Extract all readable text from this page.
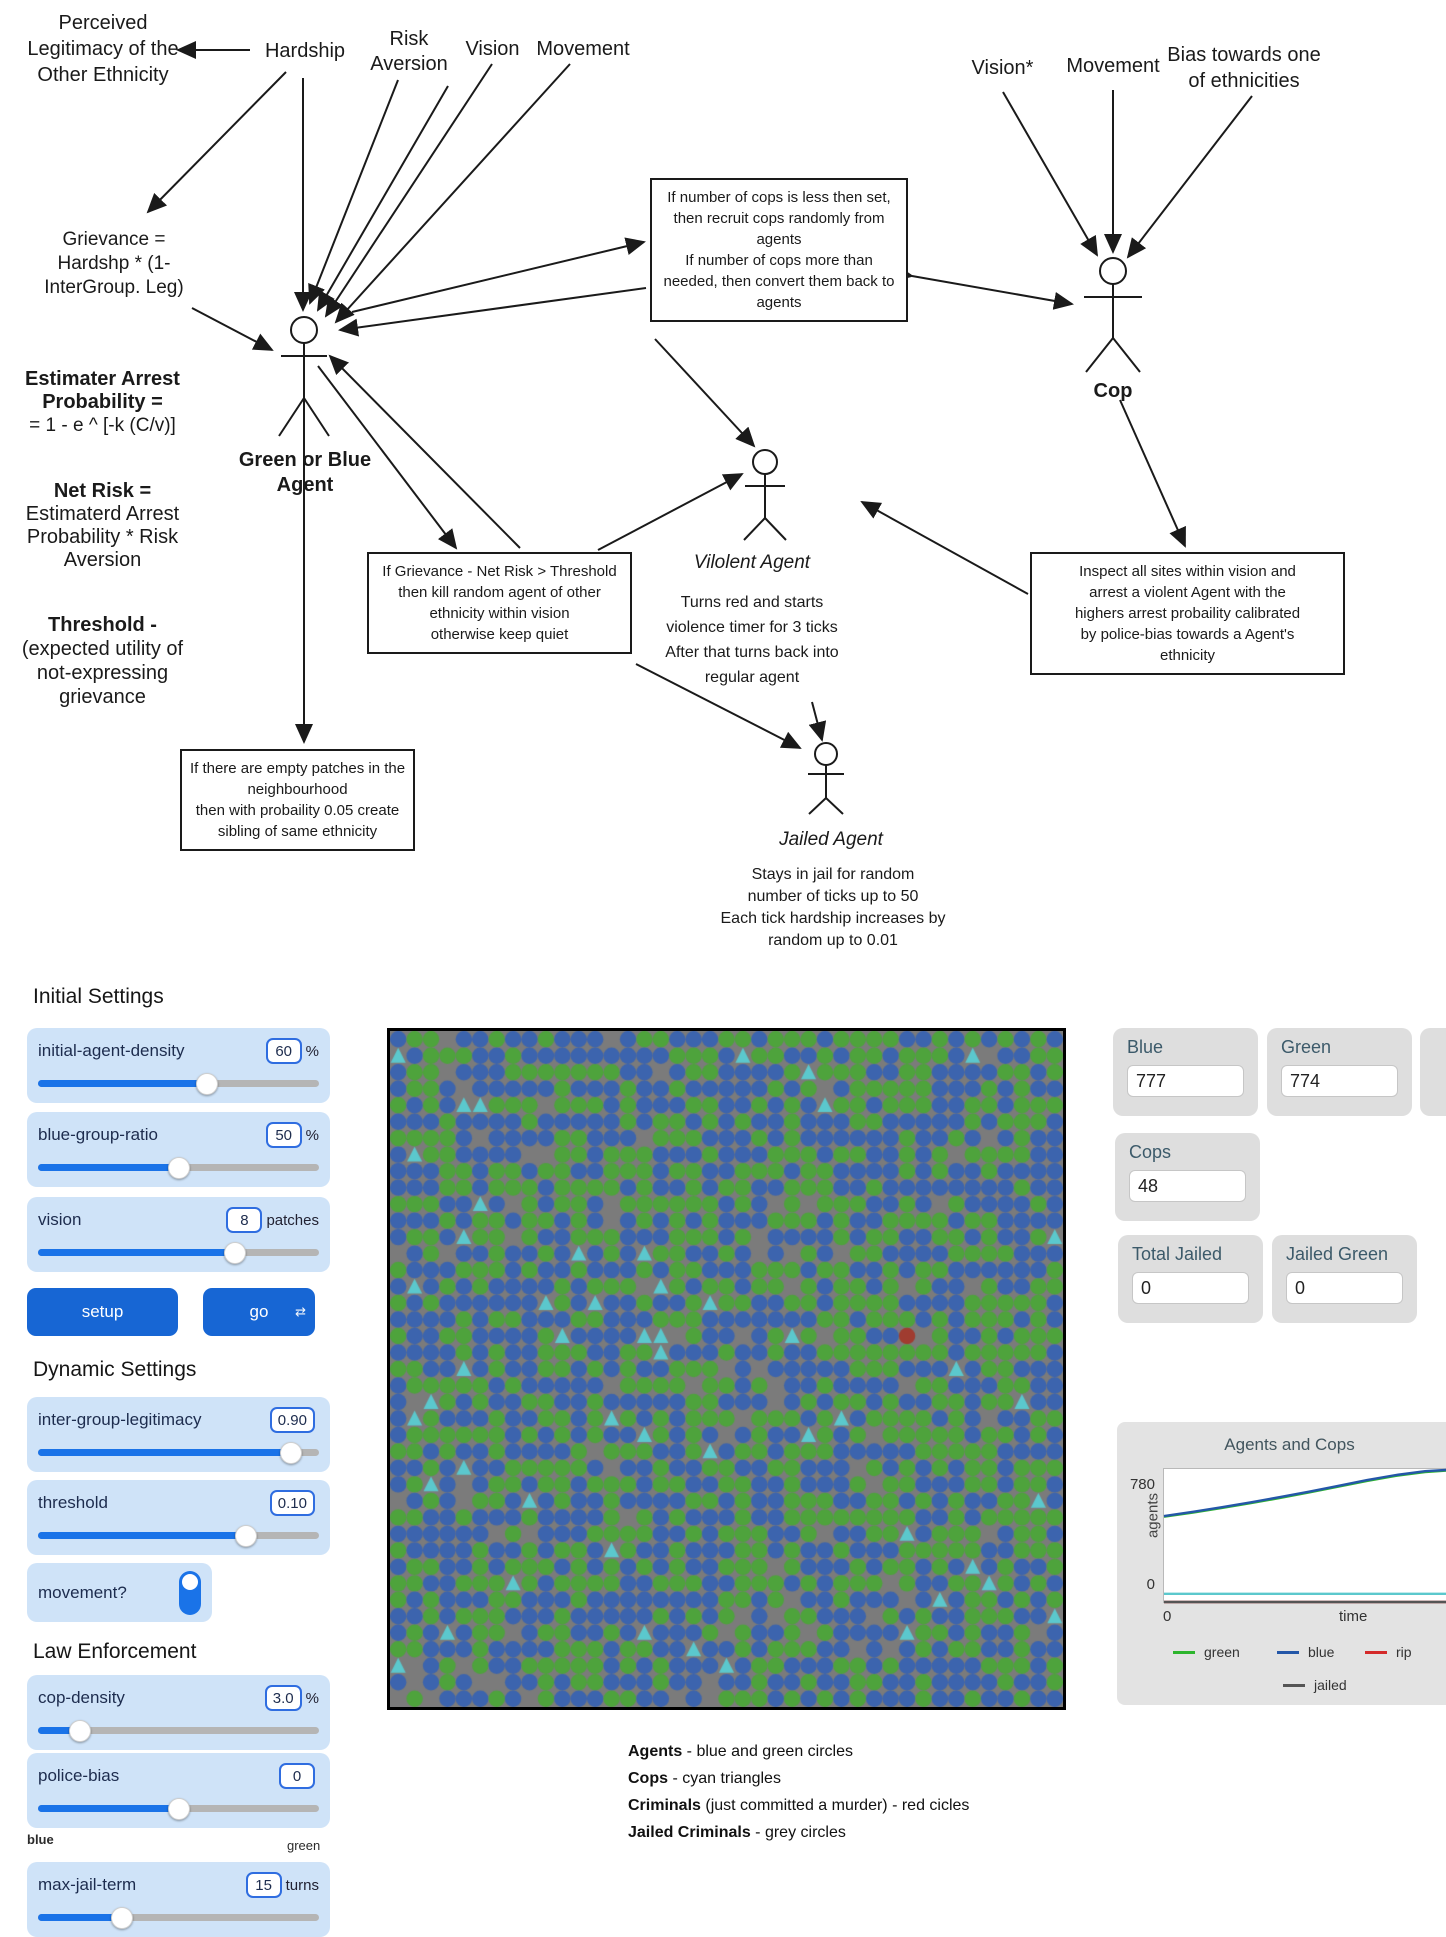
Perceived
Legitimacy of the
Other Ethnicity
Hardship
Risk
Aversion
Vision Movement
Vision*	Movement Bias towards one
of ethnicities
Grievance =
Hardshp * (1-
InterGroup. Leg)
Estimater Arrest
Probability =
= 1 - e ^ [-k (C/v)]
Net Risk =
Estimaterd Arrest
Probability * Risk
Aversion
Threshold -
(expected utility of
not-expressing
grievance
Green or Blue
Agent
Cop
Vilolent Agent
Turns red and starts
violence timer for 3 ticks
After that turns back into
regular agent
Jailed Agent
Stays in jail for random
number of ticks up to 50
Each tick hardship increases by
random up to 0.01
If number of cops is less then set,
then recruit cops randomly from
agents
If number of cops more than
needed, then convert them back to
agents
If Grievance - Net Risk > Threshold
then kill random agent of other
ethnicity within vision
otherwise keep quiet
Inspect all sites within vision and
arrest a violent Agent with the
highers arrest probaility calibrated
by police-bias towards a Agent's
ethnicity
If there are empty patches in the
neighbourhood
then with probaility 0.05 create
sibling of same ethnicity
Initial Settings
initial-agent-density	60 %
blue-group-ratio	50 %
vision	8	patches
setup	go ⇄
Dynamic Settings
inter-group-legitimacy	0.90
threshold	0.10
movement?
Law Enforcement
cop-density	3.0 %
police-bias	0
blue	green
max-jail-term	15 turns
Blue
777
Green
774
Cops
48
Total Jailed
0
Jailed Green
0
Agents and Cops
780
agents
0
0	time
green	blue	rip
jailed
Agents - blue and green circles
Cops - cyan triangles
Criminals (just committed a murder) - red cicles
Jailed Criminals - grey circles
